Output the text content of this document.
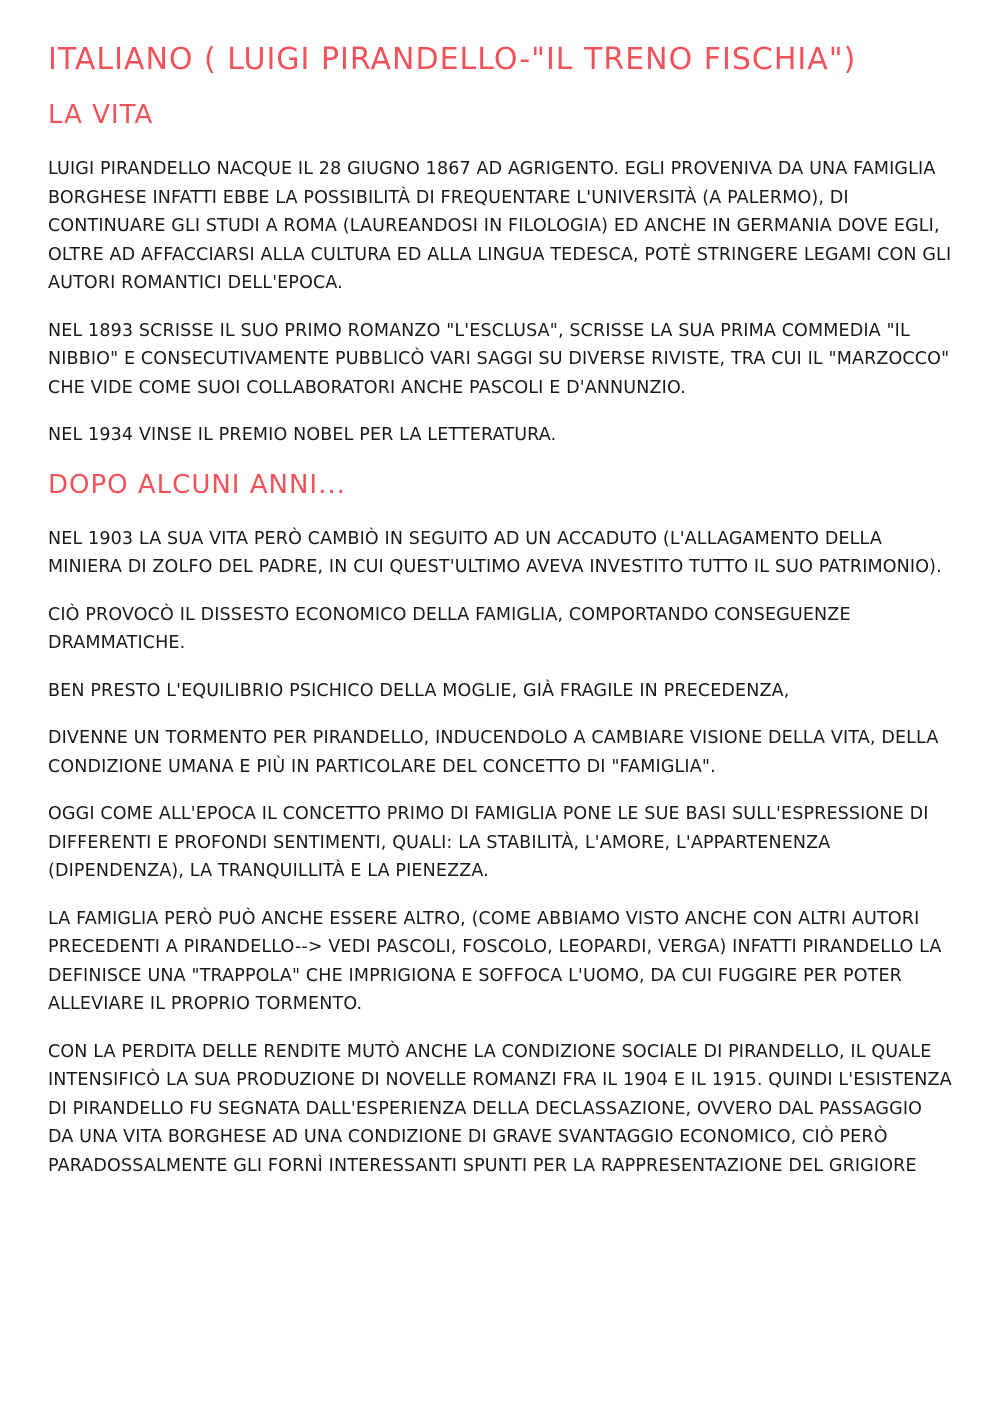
ITALIANO ( LUIGI PIRANDELLO-"IL TRENO FISCHIA")
LA VITA

LUIGI PIRANDELLO NACQUE IL 28 GIUGNO 1867 AD AGRIGENTO. EGLI PROVENIVA DA UNA FAMIGLIA BORGHESE INFATTI EBBE LA POSSIBILITÀ DI FREQUENTARE L'UNIVERSITÀ (A PALERMO), DI CONTINUARE GLI STUDI A ROMA (LAUREANDOSI IN FILOLOGIA) ED ANCHE IN GERMANIA DOVE EGLI, OLTRE AD AFFACCIARSI ALLA CULTURA ED ALLA LINGUA TEDESCA, POTÈ STRINGERE LEGAMI CON GLI AUTORI ROMANTICI DELL'EPOCA.

NEL 1893 SCRISSE IL SUO PRIMO ROMANZO "L'ESCLUSA", SCRISSE LA SUA PRIMA COMMEDIA "IL NIBBIO" E CONSECUTIVAMENTE PUBBLICÒ VARI SAGGI SU DIVERSE RIVISTE, TRA CUI IL "MARZOCCO" CHE VIDE COME SUOI COLLABORATORI ANCHE PASCOLI E D'ANNUNZIO.

NEL 1934 VINSE IL PREMIO NOBEL PER LA LETTERATURA.

DOPO ALCUNI ANNI...

NEL 1903 LA SUA VITA PERÒ CAMBIÒ IN SEGUITO AD UN ACCADUTO (L'ALLAGAMENTO DELLA MINIERA DI ZOLFO DEL PADRE, IN CUI QUEST'ULTIMO AVEVA INVESTITO TUTTO IL SUO PATRIMONIO).

CIÒ PROVOCÒ IL DISSESTO ECONOMICO DELLA FAMIGLIA, COMPORTANDO CONSEGUENZE DRAMMATICHE.

BEN PRESTO L'EQUILIBRIO PSICHICO DELLA MOGLIE, GIÀ FRAGILE IN PRECEDENZA,

DIVENNE UN TORMENTO PER PIRANDELLO, INDUCENDOLO A CAMBIARE VISIONE DELLA VITA, DELLA CONDIZIONE UMANA E PIÙ IN PARTICOLARE DEL CONCETTO DI "FAMIGLIA".

OGGI COME ALL'EPOCA IL CONCETTO PRIMO DI FAMIGLIA PONE LE SUE BASI SULL'ESPRESSIONE DI DIFFERENTI E PROFONDI SENTIMENTI, QUALI: LA STABILITÀ, L'AMORE, L'APPARTENENZA (DIPENDENZA), LA TRANQUILLITÀ E LA PIENEZZA.

LA FAMIGLIA PERÒ PUÒ ANCHE ESSERE ALTRO, (COME ABBIAMO VISTO ANCHE CON ALTRI AUTORI PRECEDENTI A PIRANDELLO--> VEDI PASCOLI, FOSCOLO, LEOPARDI, VERGA) INFATTI PIRANDELLO LA DEFINISCE UNA "TRAPPOLA" CHE IMPRIGIONA E SOFFOCA L'UOMO, DA CUI FUGGIRE PER POTER ALLEVIARE IL PROPRIO TORMENTO.

CON LA PERDITA DELLE RENDITE MUTÒ ANCHE LA CONDIZIONE SOCIALE DI PIRANDELLO, IL QUALE INTENSIFICÒ LA SUA PRODUZIONE DI NOVELLE ROMANZI FRA IL 1904 E IL 1915. QUINDI L'ESISTENZA DI PIRANDELLO FU SEGNATA DALL'ESPERIENZA DELLA DECLASSAZIONE, OVVERO DAL PASSAGGIO DA UNA VITA BORGHESE AD UNA CONDIZIONE DI GRAVE SVANTAGGIO ECONOMICO, CIÒ PERÒ PARADOSSALMENTE GLI FORNÌ INTERESSANTI SPUNTI PER LA RAPPRESENTAZIONE DEL GRIGIORE
